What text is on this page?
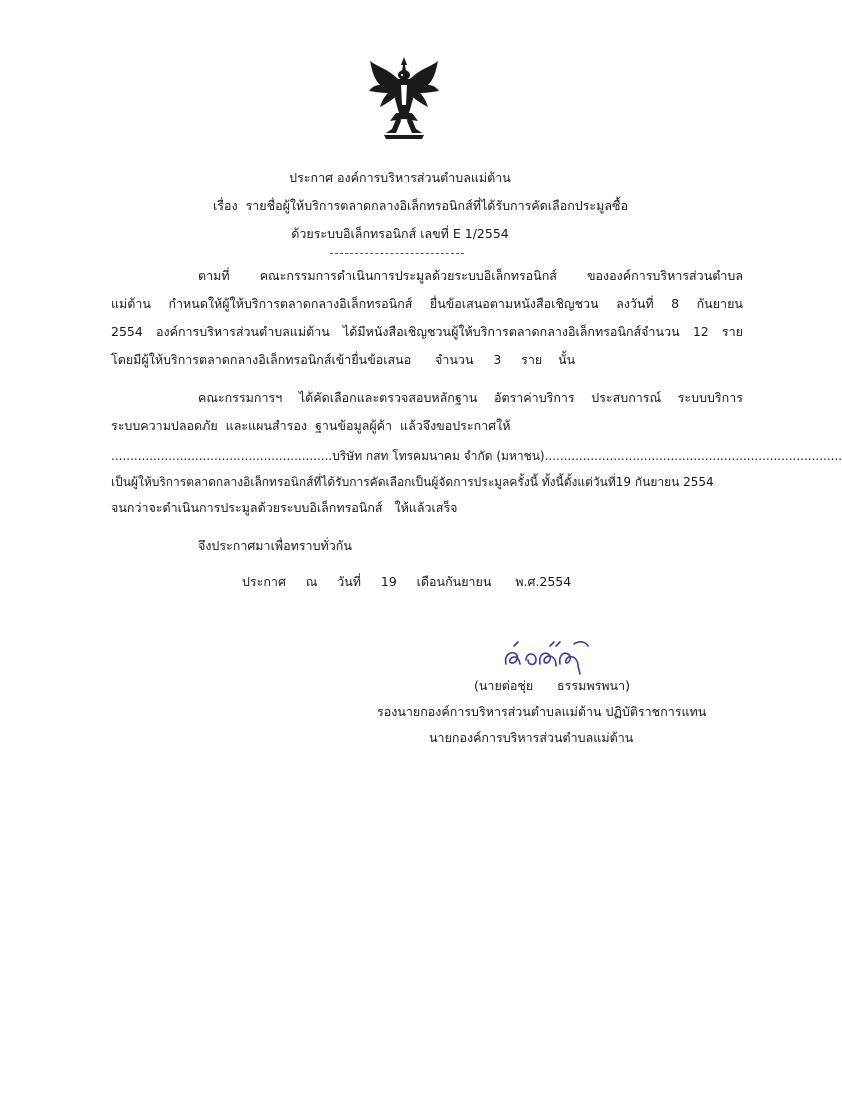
ประกาศ องค์การบริหารส่วนตำบลแม่ต้าน
เรื่อง รายชื่อผู้ให้บริการตลาดกลางอิเล็กทรอนิกส์ที่ได้รับการคัดเลือกประมูลซื้อ
ด้วยระบบอิเล็กทรอนิกส์ เลขที่ E 1/2554
ตามที่ คณะกรรมการดำเนินการประมูลด้วยระบบอิเล็กทรอนิกส์ ขององค์การบริหารส่วนตำบล
แม่ต้าน กำหนดให้ผู้ให้บริการตลาดกลางอิเล็กทรอนิกส์ ยื่นข้อเสนอตามหนังสือเชิญชวน ลงวันที่ 8 กันยายน
2554 องค์การบริหารส่วนตำบลแม่ต้าน ได้มีหนังสือเชิญชวนผู้ให้บริการตลาดกลางอิเล็กทรอนิกส์จำนวน 12 ราย
โดยมีผู้ให้บริการตลาดกลางอิเล็กทรอนิกส์เข้ายื่นข้อเสนอ      จำนวน     3     ราย    นั้น
คณะกรรมการฯ ได้คัดเลือกและตรวจสอบหลักฐาน อัตราค่าบริการ ประสบการณ์ ระบบบริการ
ระบบความปลอดภัย  และแผนสำรอง  ฐานข้อมูลผู้ค้า  แล้วจึงขอประกาศให้
..........................................................บริษัท กสท โทรคมนาคม จำกัด (มหาชน)..............................................................................
เป็นผู้ให้บริการตลาดกลางอิเล็กทรอนิกส์ที่ได้รับการคัดเลือกเป็นผู้จัดการประมูลครั้งนี้ ทั้งนี้ตั้งแต่วันที่19 กันยายน 2554
จนกว่าจะดำเนินการประมูลด้วยระบบอิเล็กทรอนิกส์   ให้แล้วเสร็จ
จึงประกาศมาเพื่อทราบทั่วกัน
ประกาศ     ณ     วันที่     19     เดือนกันยายน      พ.ศ.2554
(นายต่อชุ่ย      ธรรมพรพนา)
รองนายกองค์การบริหารส่วนตำบลแม่ต้าน ปฏิบัติราชการแทน
นายกองค์การบริหารส่วนตำบลแม่ต้าน
